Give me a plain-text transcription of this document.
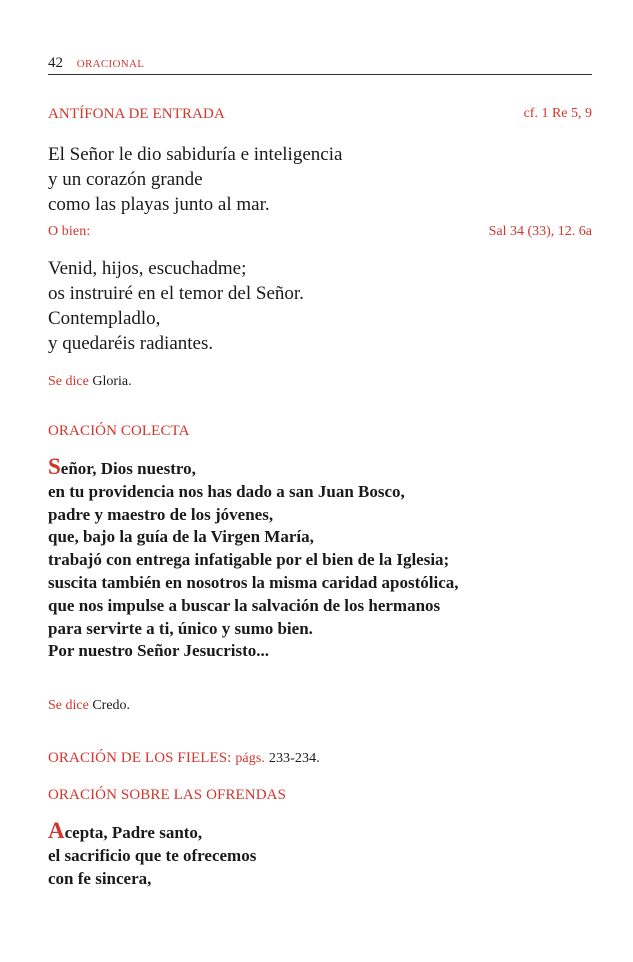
42 ORACIONAL
ANTÍFONA DE ENTRADA	cf. 1 Re 5, 9
El Señor le dio sabiduría e inteligencia
y un corazón grande
como las playas junto al mar.
O bien:	Sal 34 (33), 12. 6a
Venid, hijos, escuchadme;
os instruiré en el temor del Señor.
Contempladlo,
y quedaréis radiantes.
Se dice Gloria.
ORACIÓN COLECTA
Señor, Dios nuestro,
en tu providencia nos has dado a san Juan Bosco,
padre y maestro de los jóvenes,
que, bajo la guía de la Virgen María,
trabajó con entrega infatigable por el bien de la Iglesia;
suscita también en nosotros la misma caridad apostólica,
que nos impulse a buscar la salvación de los hermanos
para servirte a ti, único y sumo bien.
Por nuestro Señor Jesucristo...
Se dice Credo.
ORACIÓN DE LOS FIELES: págs. 233-234.
ORACIÓN SOBRE LAS OFRENDAS
Acepta, Padre santo,
el sacrificio que te ofrecemos
con fe sincera,
